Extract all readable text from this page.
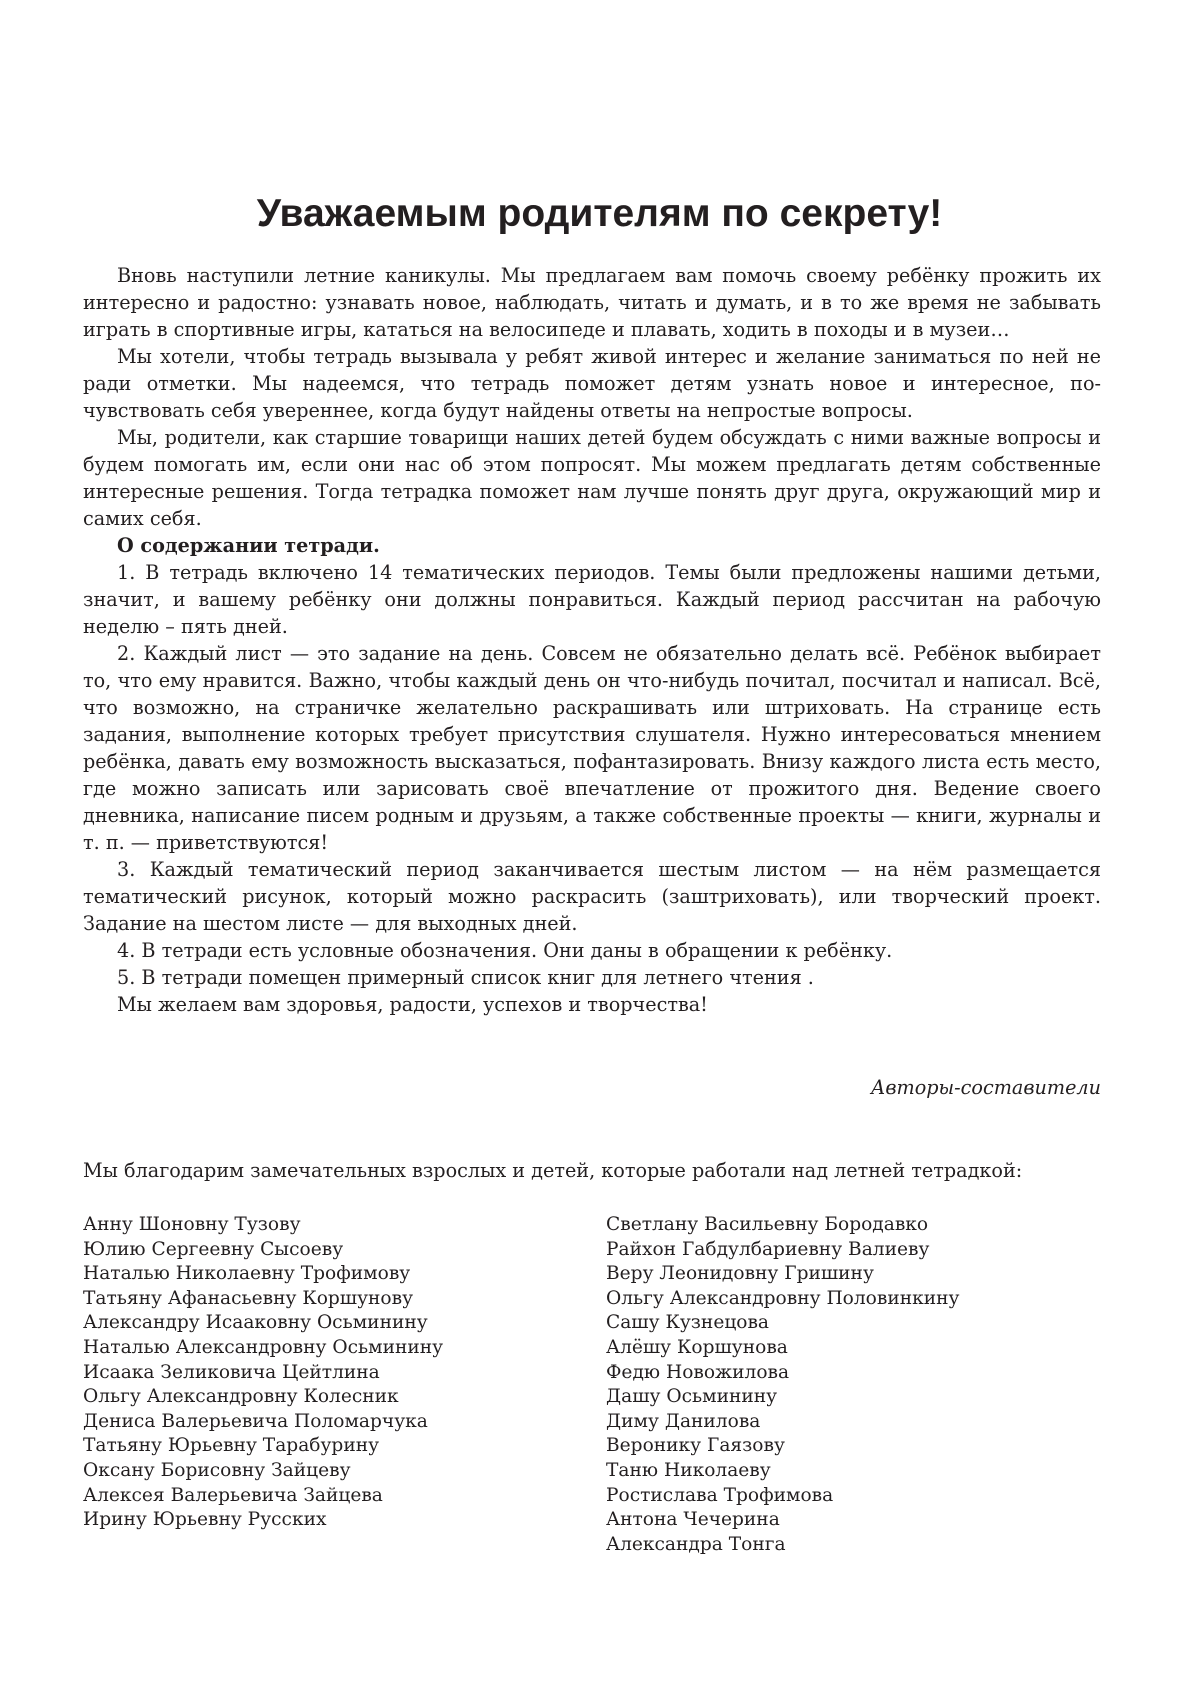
Уважаемым родителям по секрету!

Вновь наступили летние каникулы. Мы предлагаем вам помочь своему ребёнку прожить их интересно и радостно: узнавать новое, наблюдать, читать и думать, и в то же время не забывать играть в спортивные игры, кататься на велосипеде и плавать, ходить в походы и в музеи…

Мы хотели, чтобы тетрадь вызывала у ребят живой интерес и желание заниматься по ней не ради отметки. Мы надеемся, что тетрадь поможет детям узнать новое и интересное, почувствовать себя увереннее, когда будут найдены ответы на непростые вопросы.

Мы, родители, как старшие товарищи наших детей будем обсуждать с ними важные вопросы и будем помогать им, если они нас об этом попросят. Мы можем предлагать детям собственные интересные решения. Тогда тетрадка поможет нам лучше понять друг друга, окружающий мир и самих себя.

О содержании тетради.

1. В тетрадь включено 14 тематических периодов. Темы были предложены нашими детьми, значит, и вашему ребёнку они должны понравиться. Каждый период рассчитан на рабочую неделю – пять дней.

2. Каждый лист — это задание на день. Совсем не обязательно делать всё. Ребёнок выбирает то, что ему нравится. Важно, чтобы каждый день он что-нибудь почитал, посчитал и написал. Всё, что возможно, на страничке желательно раскрашивать или штриховать. На странице есть задания, выполнение которых требует присутствия слушателя. Нужно интересоваться мнением ребёнка, давать ему возможность высказаться, пофантазировать. Внизу каждого листа есть место, где можно записать или зарисовать своё впечатление от прожитого дня. Ведение своего дневника, написание писем родным и друзьям, а также собственные проекты — книги, журналы и т. п. — приветствуются!

3. Каждый тематический период заканчивается шестым листом — на нём размещается тематический рисунок, который можно раскрасить (заштриховать), или творческий проект. Задание на шестом листе — для выходных дней.

4. В тетради есть условные обозначения. Они даны в обращении к ребёнку.

5. В тетради помещен примерный список книг для летнего чтения .

Мы желаем вам здоровья, радости, успехов и творчества!

Авторы-составители
Мы благодарим замечательных взрослых и детей, которые работали над летней тетрадкой:
Анну Шоновну Тузову
Юлию Сергеевну Сысоеву
Наталью Николаевну Трофимову
Татьяну Афанасьевну Коршунову
Александру Исааковну Осьминину
Наталью Александровну Осьминину
Исаака Зеликовича Цейтлина
Ольгу Александровну Колесник
Дениса Валерьевича Поломарчука
Татьяну Юрьевну Тарабурину
Оксану Борисовну Зайцеву
Алексея Валерьевича Зайцева
Ирину Юрьевну Русских
Светлану Васильевну Бородавко
Райхон Габдулбариевну Валиеву
Веру Леонидовну Гришину
Ольгу Александровну Половинкину
Сашу Кузнецова
Алёшу Коршунова
Федю Новожилова
Дашу Осьминину
Диму Данилова
Веронику Гаязову
Таню Николаеву
Ростислава Трофимова
Антона Чечерина
Александра Тонга
